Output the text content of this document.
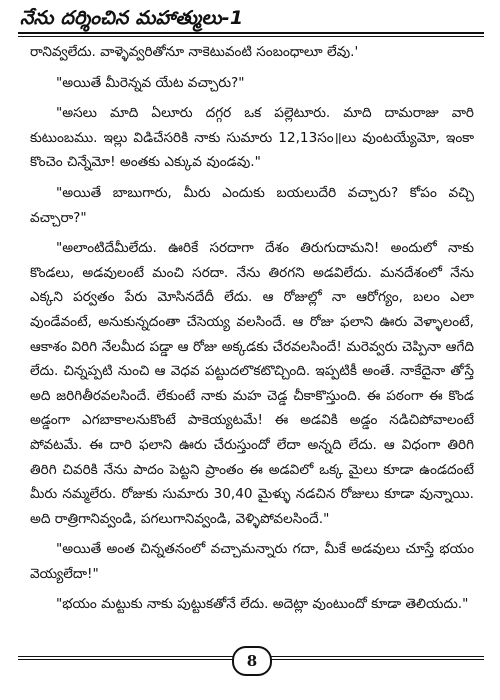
నేను దర్శించిన మహాత్ములు-1

రానివ్వలేదు. వాళ్ళెవ్వరితోనూ నాకెటువంటి సంబంధాలూ లేవు.'

"అయితే మీరెన్నవ యేట వచ్చారు?"

"అసలు మాది ఏలూరు దగ్గర ఒక పల్లెటూరు. మాది దామరాజు వారి కుటుంబము. ఇల్లు విడిచేసరికి నాకు సుమారు 12,13సం॥లు వుంటయ్యేమో, ఇంకా కొంచెం చిన్నేమో! అంతకు ఎక్కువ వుండవు."

"అయితే బాబుగారు, మీరు ఎందుకు బయలుదేరి వచ్చారు? కోపం వచ్చి వచ్చారా?"

"అలాంటిదేమీలేదు. ఊరికే సరదాగా దేశం తిరుగుదామని! అందులో నాకు కొండలు, అడవులంటే మంచి సరదా. నేను తిరగని అడవిలేదు. మనదేశంలో నేను ఎక్కని పర్వతం పేరు మోసినదేదీ లేదు. ఆ రోజుల్లో నా ఆరోగ్యం, బలం ఎలా వుండేవంటే, అనుకున్నదంతా చేసెయ్య వలసిందే. ఆ రోజు ఫలాని ఊరు వెళ్ళాలంటే, ఆకాశం విరిగి నేలమీద పడ్డా ఆ రోజు అక్కడకు చేరవలసిందే! మరెవ్వరు చెప్పినా ఆగేది లేదు. చిన్నప్పటి నుంచి ఆ వెధవ పట్టుదలొకటొచ్చింది. ఇప్పటికీ అంతే. నాకేదైనా తోస్తే అది జరిగితీరవలసిందే. లేకుంటే నాకు మహ చెడ్డ చీకాకొస్తుంది. ఈ పఠంగా ఈ కొండ అడ్డంగా ఎగబాకాలనుకొంటే పాకెయ్యటమే! ఈ అడవికి అడ్డం నడిచిపోవాలంటే పోవటమే. ఈ దారి ఫలాని ఊరు చేరుస్తుందో లేదా అన్నది లేదు. ఆ విధంగా తిరిగి తిరిగి చివరికి నేను పాదం పెట్టని ప్రాంతం ఈ అడవిలో ఒక్క మైలు కూడా ఉండదంటే మీరు నమ్మలేరు. రోజుకు సుమారు 30,40 మైళ్ళు నడచిన రోజులు కూడా వున్నాయి. అది రాత్రిగానివ్వండి, పగలుగానివ్వండి, వెళ్ళిపోవలసిందే."

"అయితే అంత చిన్నతనంలో వచ్చామన్నారు గదా, మీకే అడవులు చూస్తే భయం వెయ్యలేదా!"

"భయం మట్టుకు నాకు పుట్టుకతోనే లేదు. అదెట్లా వుంటుందో కూడా తెలియదు."

8
